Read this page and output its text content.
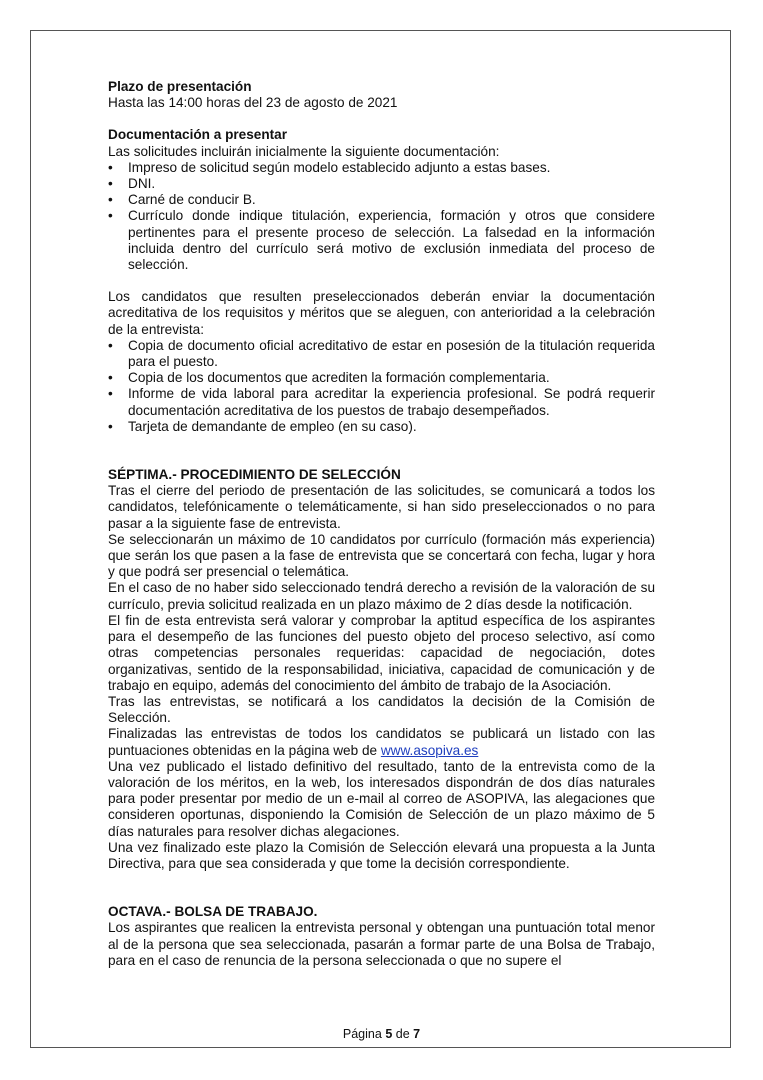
Plazo de presentación

Hasta las 14:00 horas del 23 de agosto de 2021

Documentación a presentar

Las solicitudes incluirán inicialmente la siguiente documentación:

• Impreso de solicitud según modelo establecido adjunto a estas bases.
• DNI.
• Carné de conducir B.
• Currículo donde indique titulación, experiencia, formación y otros que considere pertinentes para el presente proceso de selección. La falsedad en la información incluida dentro del currículo será motivo de exclusión inmediata del proceso de selección.

Los candidatos que resulten preseleccionados deberán enviar la documentación acreditativa de los requisitos y méritos que se aleguen, con anterioridad a la celebración de la entrevista:

• Copia de documento oficial acreditativo de estar en posesión de la titulación requerida para el puesto.
• Copia de los documentos que acrediten la formación complementaria.
• Informe de vida laboral para acreditar la experiencia profesional. Se podrá requerir documentación acreditativa de los puestos de trabajo desempeñados.
• Tarjeta de demandante de empleo (en su caso).

SÉPTIMA.- PROCEDIMIENTO DE SELECCIÓN

Tras el cierre del periodo de presentación de las solicitudes, se comunicará a todos los candidatos, telefónicamente o telemáticamente, si han sido preseleccionados o no para pasar a la siguiente fase de entrevista.

Se seleccionarán un máximo de 10 candidatos por currículo (formación más experiencia) que serán los que pasen a la fase de entrevista que se concertará con fecha, lugar y hora y que podrá ser presencial o telemática.

En el caso de no haber sido seleccionado tendrá derecho a revisión de la valoración de su currículo, previa solicitud realizada en un plazo máximo de 2 días desde la notificación.

El fin de esta entrevista será valorar y comprobar la aptitud específica de los aspirantes para el desempeño de las funciones del puesto objeto del proceso selectivo, así como otras competencias personales requeridas: capacidad de negociación, dotes organizativas, sentido de la responsabilidad, iniciativa, capacidad de comunicación y de trabajo en equipo, además del conocimiento del ámbito de trabajo de la Asociación.

Tras las entrevistas, se notificará a los candidatos la decisión de la Comisión de Selección.

Finalizadas las entrevistas de todos los candidatos se publicará un listado con las puntuaciones obtenidas en la página web de www.asopiva.es

Una vez publicado el listado definitivo del resultado, tanto de la entrevista como de la valoración de los méritos, en la web, los interesados dispondrán de dos días naturales para poder presentar por medio de un e-mail al correo de ASOPIVA, las alegaciones que consideren oportunas, disponiendo la Comisión de Selección de un plazo máximo de 5 días naturales para resolver dichas alegaciones.

Una vez finalizado este plazo la Comisión de Selección elevará una propuesta a la Junta Directiva, para que sea considerada y que tome la decisión correspondiente.

OCTAVA.- BOLSA DE TRABAJO.

Los aspirantes que realicen la entrevista personal y obtengan una puntuación total menor al de la persona que sea seleccionada, pasarán a formar parte de una Bolsa de Trabajo, para en el caso de renuncia de la persona seleccionada o que no supere el

Página 5 de 7
